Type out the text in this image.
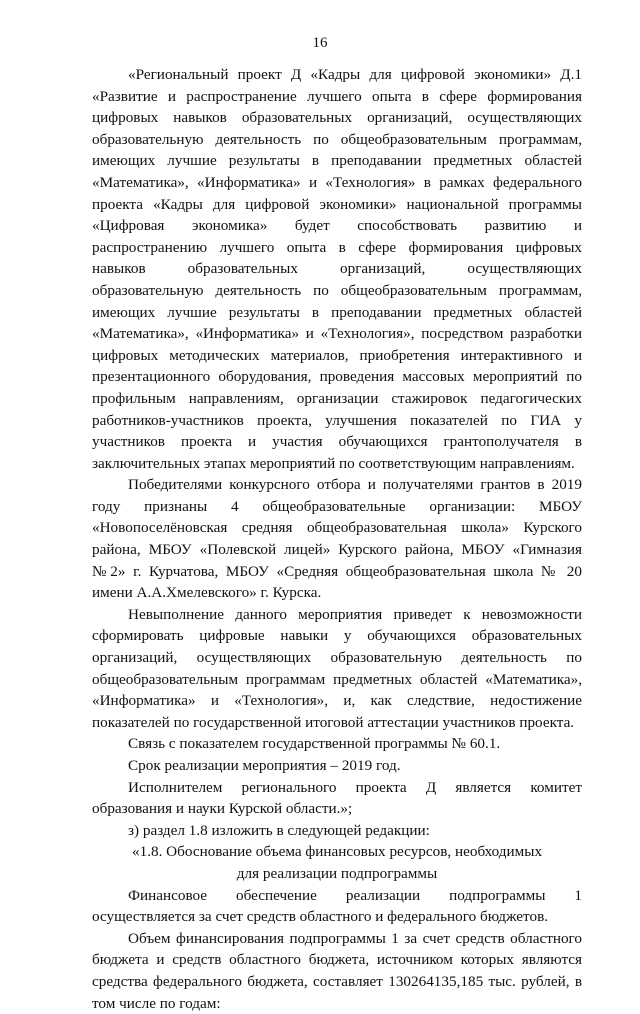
16

«Региональный проект Д «Кадры для цифровой экономики» Д.1 «Развитие и распространение лучшего опыта в сфере формирования цифровых навыков образовательных организаций, осуществляющих образовательную деятельность по общеобразовательным программам, имеющих лучшие результаты в преподавании предметных областей «Математика», «Информатика» и «Технология» в рамках федерального проекта «Кадры для цифровой экономики» национальной программы «Цифровая экономика» будет способствовать развитию и распространению лучшего опыта в сфере формирования цифровых навыков образовательных организаций, осуществляющих образовательную деятельность по общеобразовательным программам, имеющих лучшие результаты в преподавании предметных областей «Математика», «Информатика» и «Технология», посредством разработки цифровых методических материалов, приобретения интерактивного и презентационного оборудования, проведения массовых мероприятий по профильным направлениям, организации стажировок педагогических работников-участников проекта, улучшения показателей по ГИА у участников проекта и участия обучающихся грантополучателя в заключительных этапах мероприятий по соответствующим направлениям.

Победителями конкурсного отбора и получателями грантов в 2019 году признаны 4 общеобразовательные организации: МБОУ «Новопоселёновская средняя общеобразовательная школа» Курского района, МБОУ «Полевской лицей» Курского района, МБОУ «Гимназия №2» г. Курчатова, МБОУ «Средняя общеобразовательная школа № 20 имени А.А.Хмелевского» г. Курска.

Невыполнение данного мероприятия приведет к невозможности сформировать цифровые навыки у обучающихся образовательных организаций, осуществляющих образовательную деятельность по общеобразовательным программам предметных областей «Математика», «Информатика» и «Технология», и, как следствие, недостижение показателей по государственной итоговой аттестации участников проекта.

Связь с показателем государственной программы № 60.1.

Срок реализации мероприятия – 2019 год.

Исполнителем регионального проекта Д является комитет образования и науки Курской области.»;

з) раздел 1.8 изложить в следующей редакции:

«1.8. Обоснование объема финансовых ресурсов, необходимых

для реализации подпрограммы

Финансовое обеспечение реализации подпрограммы 1 осуществляется за счет средств областного и федерального бюджетов.

Объем финансирования подпрограммы 1 за счет средств областного бюджета и средств областного бюджета, источником которых являются средства федерального бюджета, составляет 130264135,185 тыс. рублей, в том числе по годам:
